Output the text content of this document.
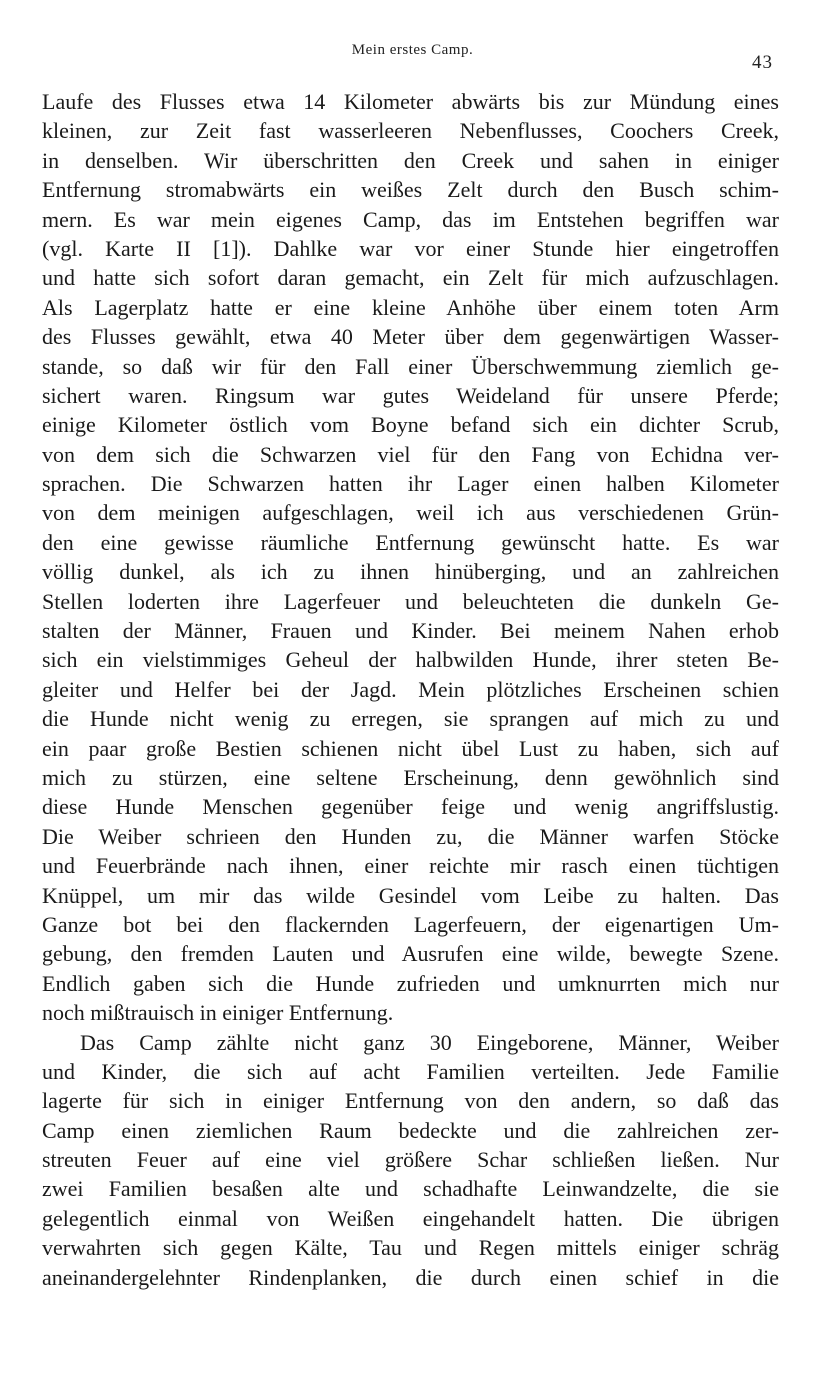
Mein erstes Camp.
43
Laufe des Flusses etwa 14 Kilometer abwärts bis zur Mündung eines
kleinen, zur Zeit fast wasserleeren Nebenflusses, Coochers Creek,
in denselben. Wir überschritten den Creek und sahen in einiger
Entfernung stromabwärts ein weißes Zelt durch den Busch schim-
mern. Es war mein eigenes Camp, das im Entstehen begriffen war
(vgl. Karte II [1]). Dahlke war vor einer Stunde hier eingetroffen
und hatte sich sofort daran gemacht, ein Zelt für mich aufzuschlagen.
Als Lagerplatz hatte er eine kleine Anhöhe über einem toten Arm
des Flusses gewählt, etwa 40 Meter über dem gegenwärtigen Wasser-
stande, so daß wir für den Fall einer Überschwemmung ziemlich ge-
sichert waren. Ringsum war gutes Weideland für unsere Pferde;
einige Kilometer östlich vom Boyne befand sich ein dichter Scrub,
von dem sich die Schwarzen viel für den Fang von Echidna ver-
sprachen. Die Schwarzen hatten ihr Lager einen halben Kilometer
von dem meinigen aufgeschlagen, weil ich aus verschiedenen Grün-
den eine gewisse räumliche Entfernung gewünscht hatte. Es war
völlig dunkel, als ich zu ihnen hinüberging, und an zahlreichen
Stellen loderten ihre Lagerfeuer und beleuchteten die dunkeln Ge-
stalten der Männer, Frauen und Kinder. Bei meinem Nahen erhob
sich ein vielstimmiges Geheul der halbwilden Hunde, ihrer steten Be-
gleiter und Helfer bei der Jagd. Mein plötzliches Erscheinen schien
die Hunde nicht wenig zu erregen, sie sprangen auf mich zu und
ein paar große Bestien schienen nicht übel Lust zu haben, sich auf
mich zu stürzen, eine seltene Erscheinung, denn gewöhnlich sind
diese Hunde Menschen gegenüber feige und wenig angriffslustig.
Die Weiber schrieen den Hunden zu, die Männer warfen Stöcke
und Feuerbrände nach ihnen, einer reichte mir rasch einen tüchtigen
Knüppel, um mir das wilde Gesindel vom Leibe zu halten. Das
Ganze bot bei den flackernden Lagerfeuern, der eigenartigen Um-
gebung, den fremden Lauten und Ausrufen eine wilde, bewegte Szene.
Endlich gaben sich die Hunde zufrieden und umknurrten mich nur
noch mißtrauisch in einiger Entfernung.
Das Camp zählte nicht ganz 30 Eingeborene, Männer, Weiber
und Kinder, die sich auf acht Familien verteilten. Jede Familie
lagerte für sich in einiger Entfernung von den andern, so daß das
Camp einen ziemlichen Raum bedeckte und die zahlreichen zer-
streuten Feuer auf eine viel größere Schar schließen ließen. Nur
zwei Familien besaßen alte und schadhafte Leinwandzelte, die sie
gelegentlich einmal von Weißen eingehandelt hatten. Die übrigen
verwahrten sich gegen Kälte, Tau und Regen mittels einiger schräg
aneinandergelehnter Rindenplanken, die durch einen schief in die
